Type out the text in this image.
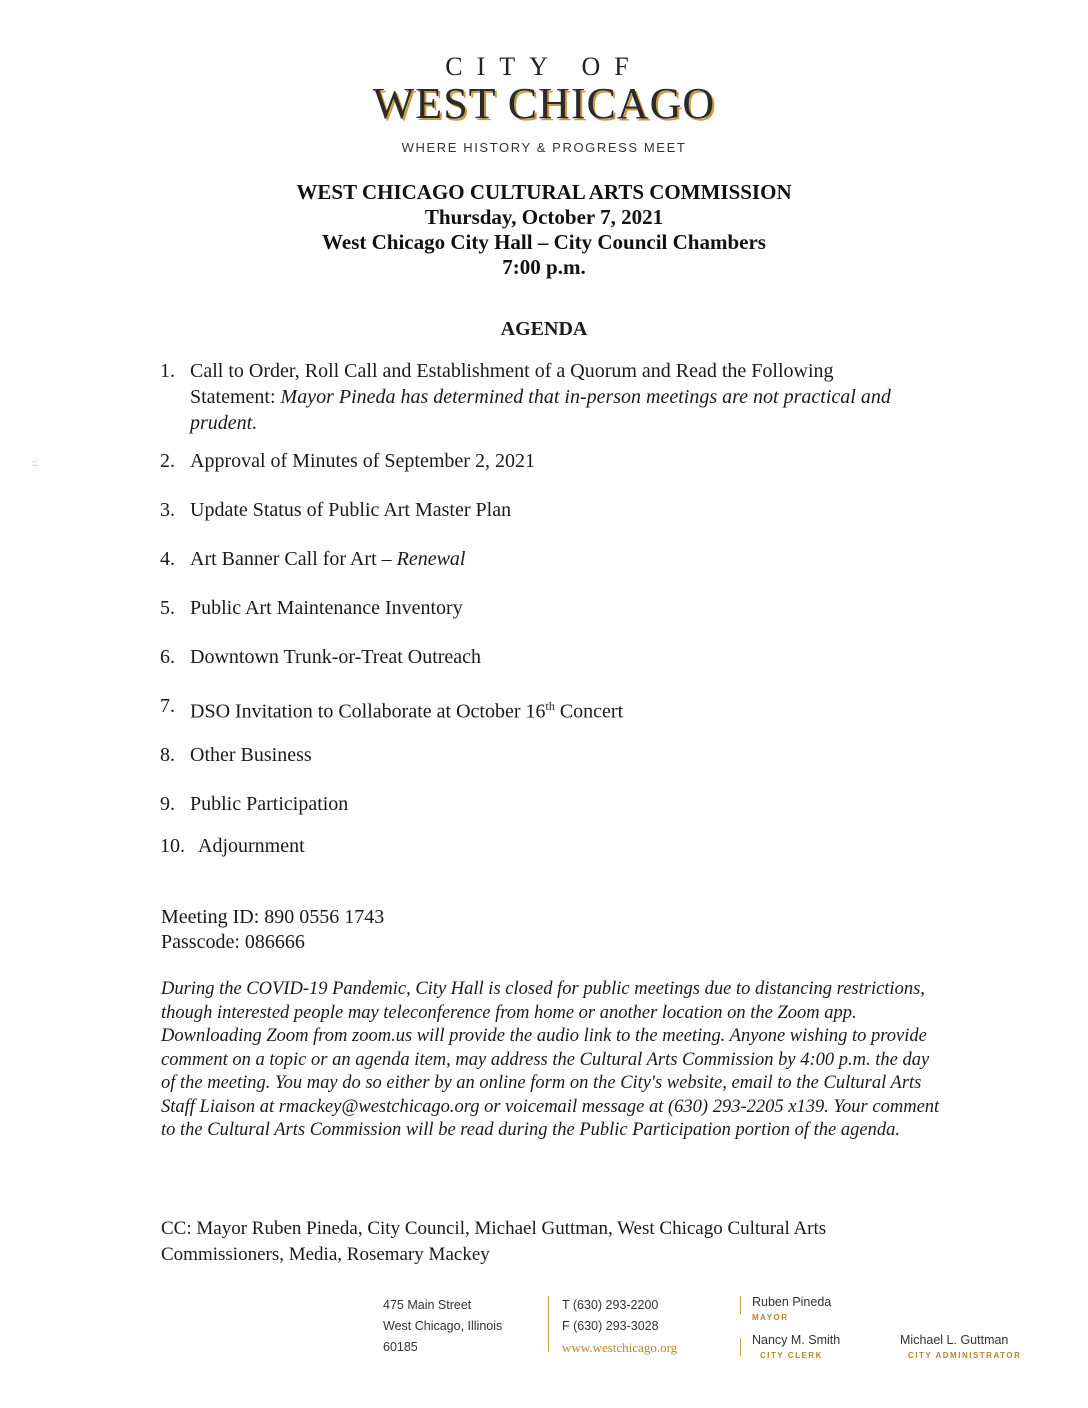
CITY OF
WEST CHICAGO
WHERE HISTORY & PROGRESS MEET
WEST CHICAGO CULTURAL ARTS COMMISSION
Thursday, October 7, 2021
West Chicago City Hall – City Council Chambers
7:00 p.m.
AGENDA
::
1. Call to Order, Roll Call and Establishment of a Quorum and Read the Following Statement: Mayor Pineda has determined that in-person meetings are not practical and prudent.
2. Approval of Minutes of September 2, 2021
3. Update Status of Public Art Master Plan
4. Art Banner Call for Art – Renewal
5. Public Art Maintenance Inventory
6. Downtown Trunk-or-Treat Outreach
7. DSO Invitation to Collaborate at October 16th Concert
8. Other Business
9. Public Participation
10. Adjournment
Meeting ID: 890 0556 1743
Passcode: 086666
During the COVID-19 Pandemic, City Hall is closed for public meetings due to distancing restrictions, though interested people may teleconference from home or another location on the Zoom app. Downloading Zoom from zoom.us will provide the audio link to the meeting. Anyone wishing to provide comment on a topic or an agenda item, may address the Cultural Arts Commission by 4:00 p.m. the day of the meeting. You may do so either by an online form on the City's website, email to the Cultural Arts Staff Liaison at rmackey@westchicago.org or voicemail message at (630) 293-2205 x139. Your comment to the Cultural Arts Commission will be read during the Public Participation portion of the agenda.
CC: Mayor Ruben Pineda, City Council, Michael Guttman, West Chicago Cultural Arts Commissioners, Media, Rosemary Mackey
475 Main Street
West Chicago, Illinois
60185
T (630) 293-2200
F (630) 293-3028
www.westchicago.org
Ruben Pineda
MAYOR
Nancy M. Smith
CITY CLERK
Michael L. Guttman
CITY ADMINISTRATOR
